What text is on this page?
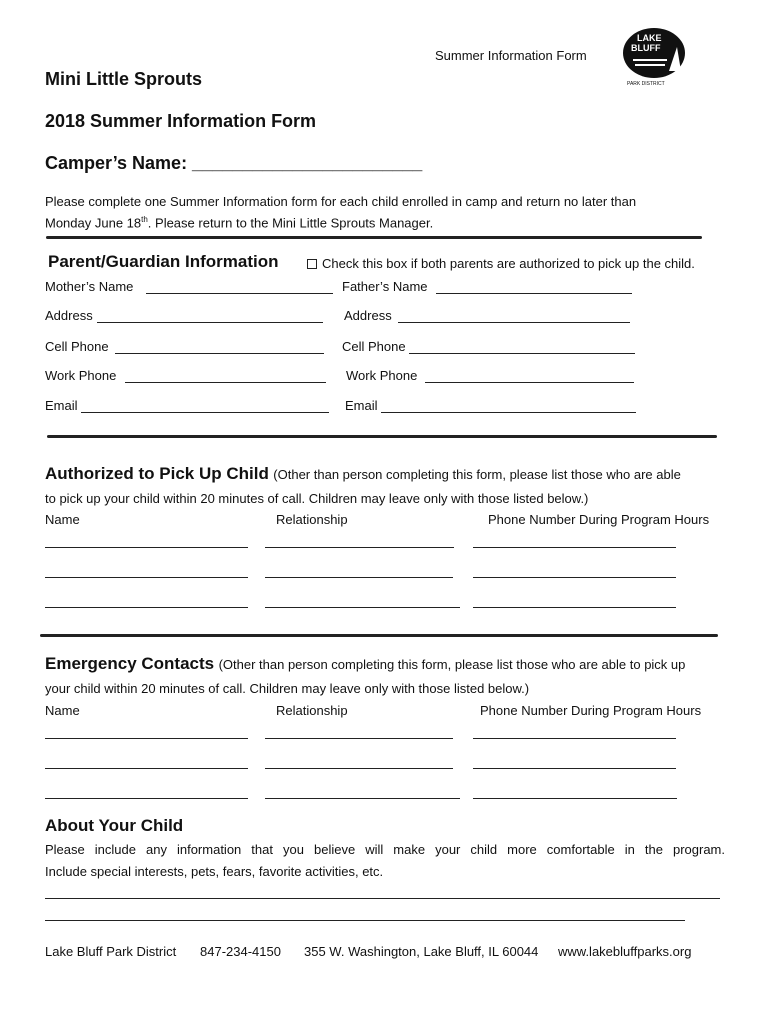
Summer Information Form
LAKE
BLUFF
PARK DISTRICT
Mini Little Sprouts
2018 Summer Information Form
Camper’s Name: _______________________
Please complete one Summer Information form for each child enrolled in camp and return no later than
Monday June 18th. Please return to the Mini Little Sprouts Manager.
Parent/Guardian Information	Check this box if both parents are authorized to pick up the child.
Mother’s Name	Father’s Name
Address	Address
Cell Phone	Cell Phone
Work Phone	Work Phone
Email	Email
Authorized to Pick Up Child (Other than person completing this form, please list those who are able
to pick up your child within 20 minutes of call. Children may leave only with those listed below.)
Name	Relationship	Phone Number During Program Hours
Emergency Contacts (Other than person completing this form, please list those who are able to pick up
your child within 20 minutes of call. Children may leave only with those listed below.)
Name	Relationship	Phone Number During Program Hours
About Your Child
Please include any information that you believe will make your child more comfortable in the program.
Include special interests, pets, fears, favorite activities, etc.
Lake Bluff Park District 847-234-4150 355 W. Washington, Lake Bluff, IL 60044 www.lakebluffparks.org
